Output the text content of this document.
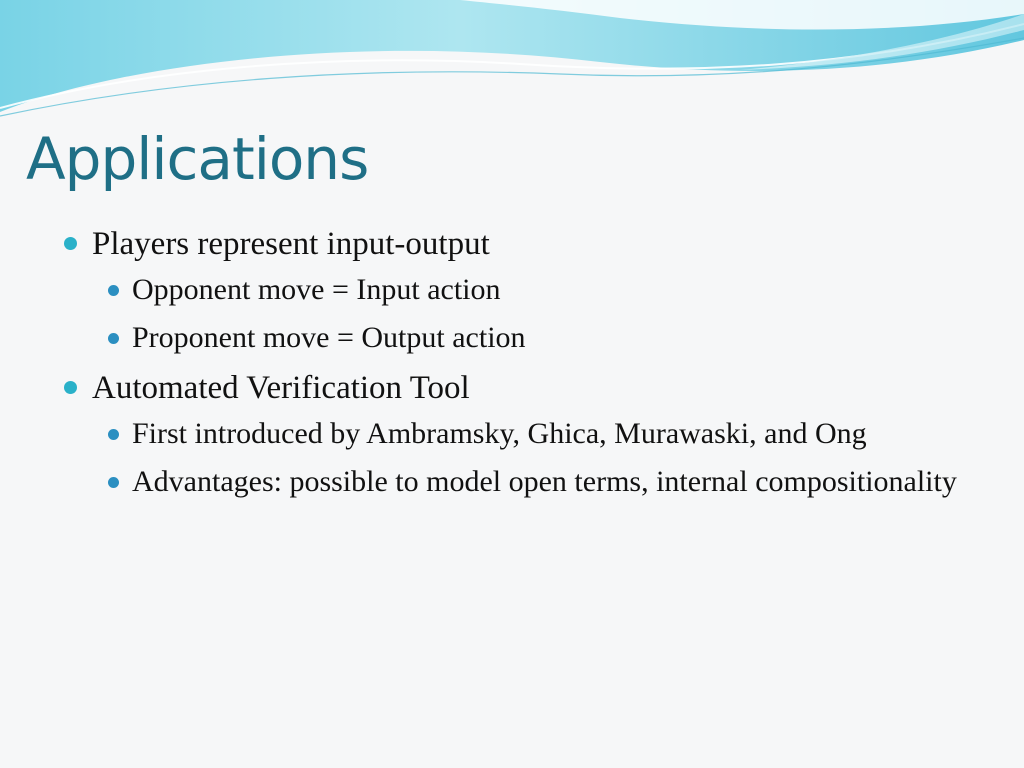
Applications
Players represent input-output
Opponent move = Input action
Proponent move = Output action
Automated Verification Tool
First introduced by Ambramsky, Ghica, Murawaski, and Ong
Advantages: possible to model open terms, internal compositionality
